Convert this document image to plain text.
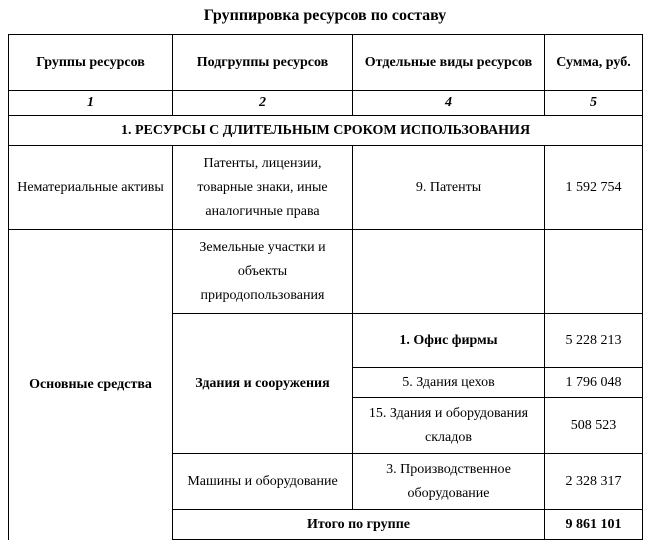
Группировка ресурсов по составу
Группы ресурсов	Подгруппы ресурсов	Отдельные виды ресурсов	Сумма, руб.
1	2	4	5
1. РЕСУРСЫ С ДЛИТЕЛЬНЫМ СРОКОМ ИСПОЛЬЗОВАНИЯ			
Нематериальные активы	Патенты, лицензии, товарные знаки, иные аналогичные права	9. Патенты	1 592 754
Основные средства	Земельные участки и объекты природопользования		
	Здания и сооружения	1. Офис фирмы	5 228 213
		5. Здания цехов	1 796 048
		15. Здания и оборудования складов	508 523
	Машины и оборудование	3. Производственное оборудование	2 328 317
	Итого по группе		9 861 101
